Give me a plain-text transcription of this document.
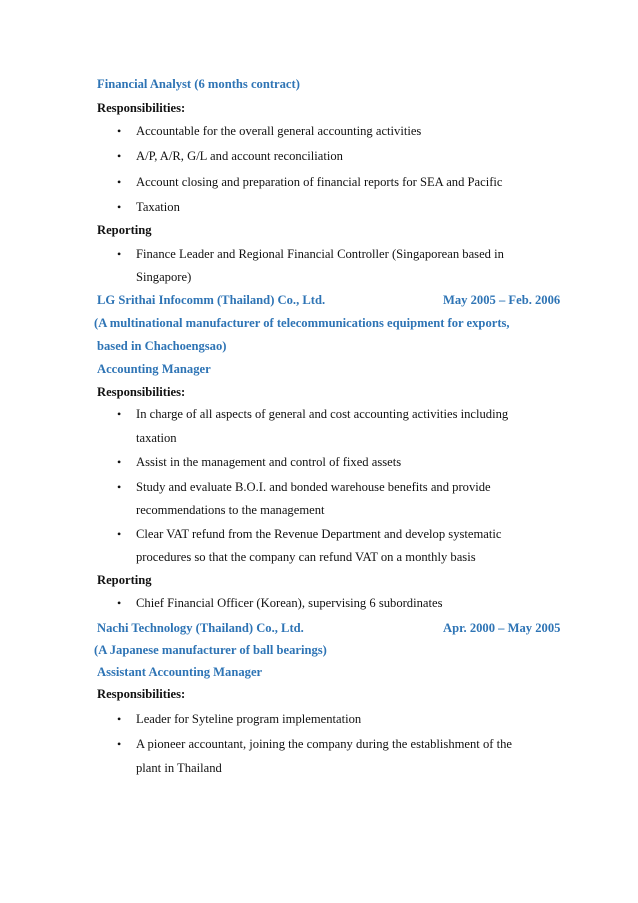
Financial Analyst (6 months contract)
Responsibilities:
• Accountable for the overall general accounting activities
• A/P, A/R, G/L and account reconciliation
• Account closing and preparation of financial reports for SEA and Pacific
• Taxation
Reporting
• Finance Leader and Regional Financial Controller (Singaporean based in
Singapore)
LG Srithai Infocomm (Thailand) Co., Ltd.	May 2005 – Feb. 2006
(A multinational manufacturer of telecommunications equipment for exports,
based in Chachoengsao)
Accounting Manager
Responsibilities:
• In charge of all aspects of general and cost accounting activities including
taxation
• Assist in the management and control of fixed assets
• Study and evaluate B.O.I. and bonded warehouse benefits and provide
recommendations to the management
• Clear VAT refund from the Revenue Department and develop systematic
procedures so that the company can refund VAT on a monthly basis
Reporting
• Chief Financial Officer (Korean), supervising 6 subordinates
Nachi Technology (Thailand) Co., Ltd.	Apr. 2000 – May 2005
(A Japanese manufacturer of ball bearings)
Assistant Accounting Manager
Responsibilities:
• Leader for Syteline program implementation
• A pioneer accountant, joining the company during the establishment of the
plant in Thailand
